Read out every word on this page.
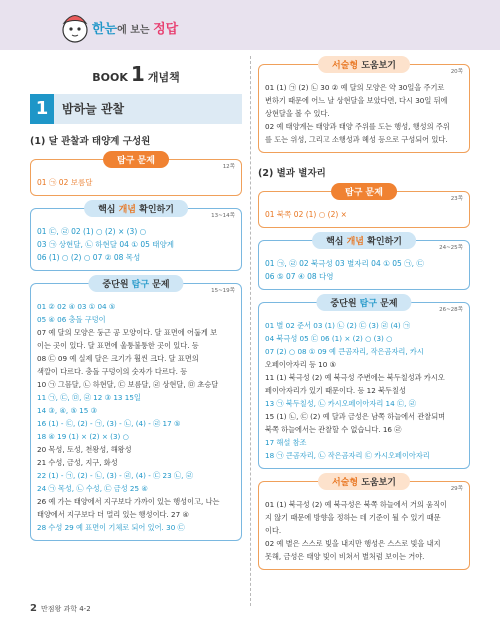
한눈에 보는 정답
BOOK 1 개념책
1	밤하늘 관찰
(1) 달 관찰과 태양계 구성원
탐구 문제
12쪽
01 ㉠ 02 보름달
핵심 개념 확인하기
13~14쪽
01 ㉢, ㉣ 02 (1) ○ (2) × (3) ○
03 ㉠ 상현달, ㉡ 하현달 04 ① 05 태양계
06 (1) ○ (2) ○ 07 ② 08 목성
중단원 탐구 문제
15~19쪽
01 ② 02 ④ 03 ① 04 ⑤
05 ④ 06 충돌 구덩이
07 예 달의 모양은 둥근 공 모양이다. 달 표면에 어둡게 보
이는 곳이 있다. 달 표면에 울퉁불퉁한 곳이 있다. 등
08 ㉢ 09 예 실제 달은 크기가 훨씬 크다. 달 표면의
색깔이 다르다. 충돌 구덩이의 숫자가 다르다. 등
10 ㉠ 그믐달, ㉡ 하현달, ㉢ 보름달, ㉣ 상현달, ㉤ 초승달
11 ㉠, ㉢, ㉤, ㉣ 12 ③ 13 15일
14 ③, ④, ⑤ 15 ③
16 (1) - ㉢, (2) - ㉠, (3) - ㉡, (4) - ㉣ 17 ⑤
18 ④ 19 (1) × (2) × (3) ○
20 목성, 토성, 천왕성, 해왕성
21 수성, 금성, 지구, 화성
22 (1) - ㉠, (2) - ㉡, (3) - ㉣, (4) - ㉢ 23 ㉡, ㉣
24 ㉠ 목성, ㉡ 수성, ㉢ 금성 25 ④
26 예 가는 태양에서 지구보다 가까이 있는 행성이고, 나는
태양에서 지구보다 더 멀리 있는 행성이다. 27 ④
28 수성 29 예 표면이 기체로 되어 있어. 30 ㉢
서술형 도움보기
20쪽
01 (1) ㉠ (2) ㉡ 30 ② 예 달의 모양은 약 30일을 주기로
변하기 때문에 어느 날 상현달을 보았다면, 다시 30일 뒤에
상현달을 볼 수 있다.
02 예 태양계는 태양과 태양 주위를 도는 행성, 행성의 주위
를 도는 위성, 그리고 소행성과 혜성 등으로 구성되어 있다.
(2) 별과 별자리
탐구 문제
23쪽
01 북쪽 02 (1) ○ (2) ×
핵심 개념 확인하기
24~25쪽
01 ㉠, ㉣ 02 북극성 03 별자리 04 ① 05 ㉠, ㉢
06 ⑤ 07 ④ 08 다영
중단원 탐구 문제
26~28쪽
01 별 02 준서 03 (1) ㉡ (2) ㉢ (3) ㉣ (4) ㉠
04 북극성 05 ㉢ 06 (1) × (2) ○ (3) ○
07 (2) ○ 08 ① 09 예 큰곰자리, 작은곰자리, 카시
오페이아자리 등 10 ⑤
11 (1) 북극성 (2) 예 북극성 주변에는 북두칠성과 카시오
페이아자리가 있기 때문이다. 등 12 북두칠성
13 ㉠ 북두칠성, ㉡ 카시오페이아자리 14 ㉢, ㉣
15 (1) ㉡, ㉢ (2) 예 달과 금성은 남쪽 하늘에서 관찰되며
북쪽 하늘에서는 관찰할 수 없습니다. 16 ㉣
17 해설 참조
18 ㉠ 큰곰자리, ㉡ 작은곰자리 ㉢ 카시오페이아자리
서술형 도움보기
29쪽
01 (1) 북극성 (2) 예 북극성은 북쪽 하늘에서 거의 움직이
지 않기 때문에 방향을 정하는 데 기준이 될 수 있기 때문
이다.
02 예 별은 스스로 빛을 내지만 행성은 스스로 빛을 내지
못해, 금성은 태양 빛이 비쳐서 별처럼 보이는 거야.
2 만점왕 과학 4-2
